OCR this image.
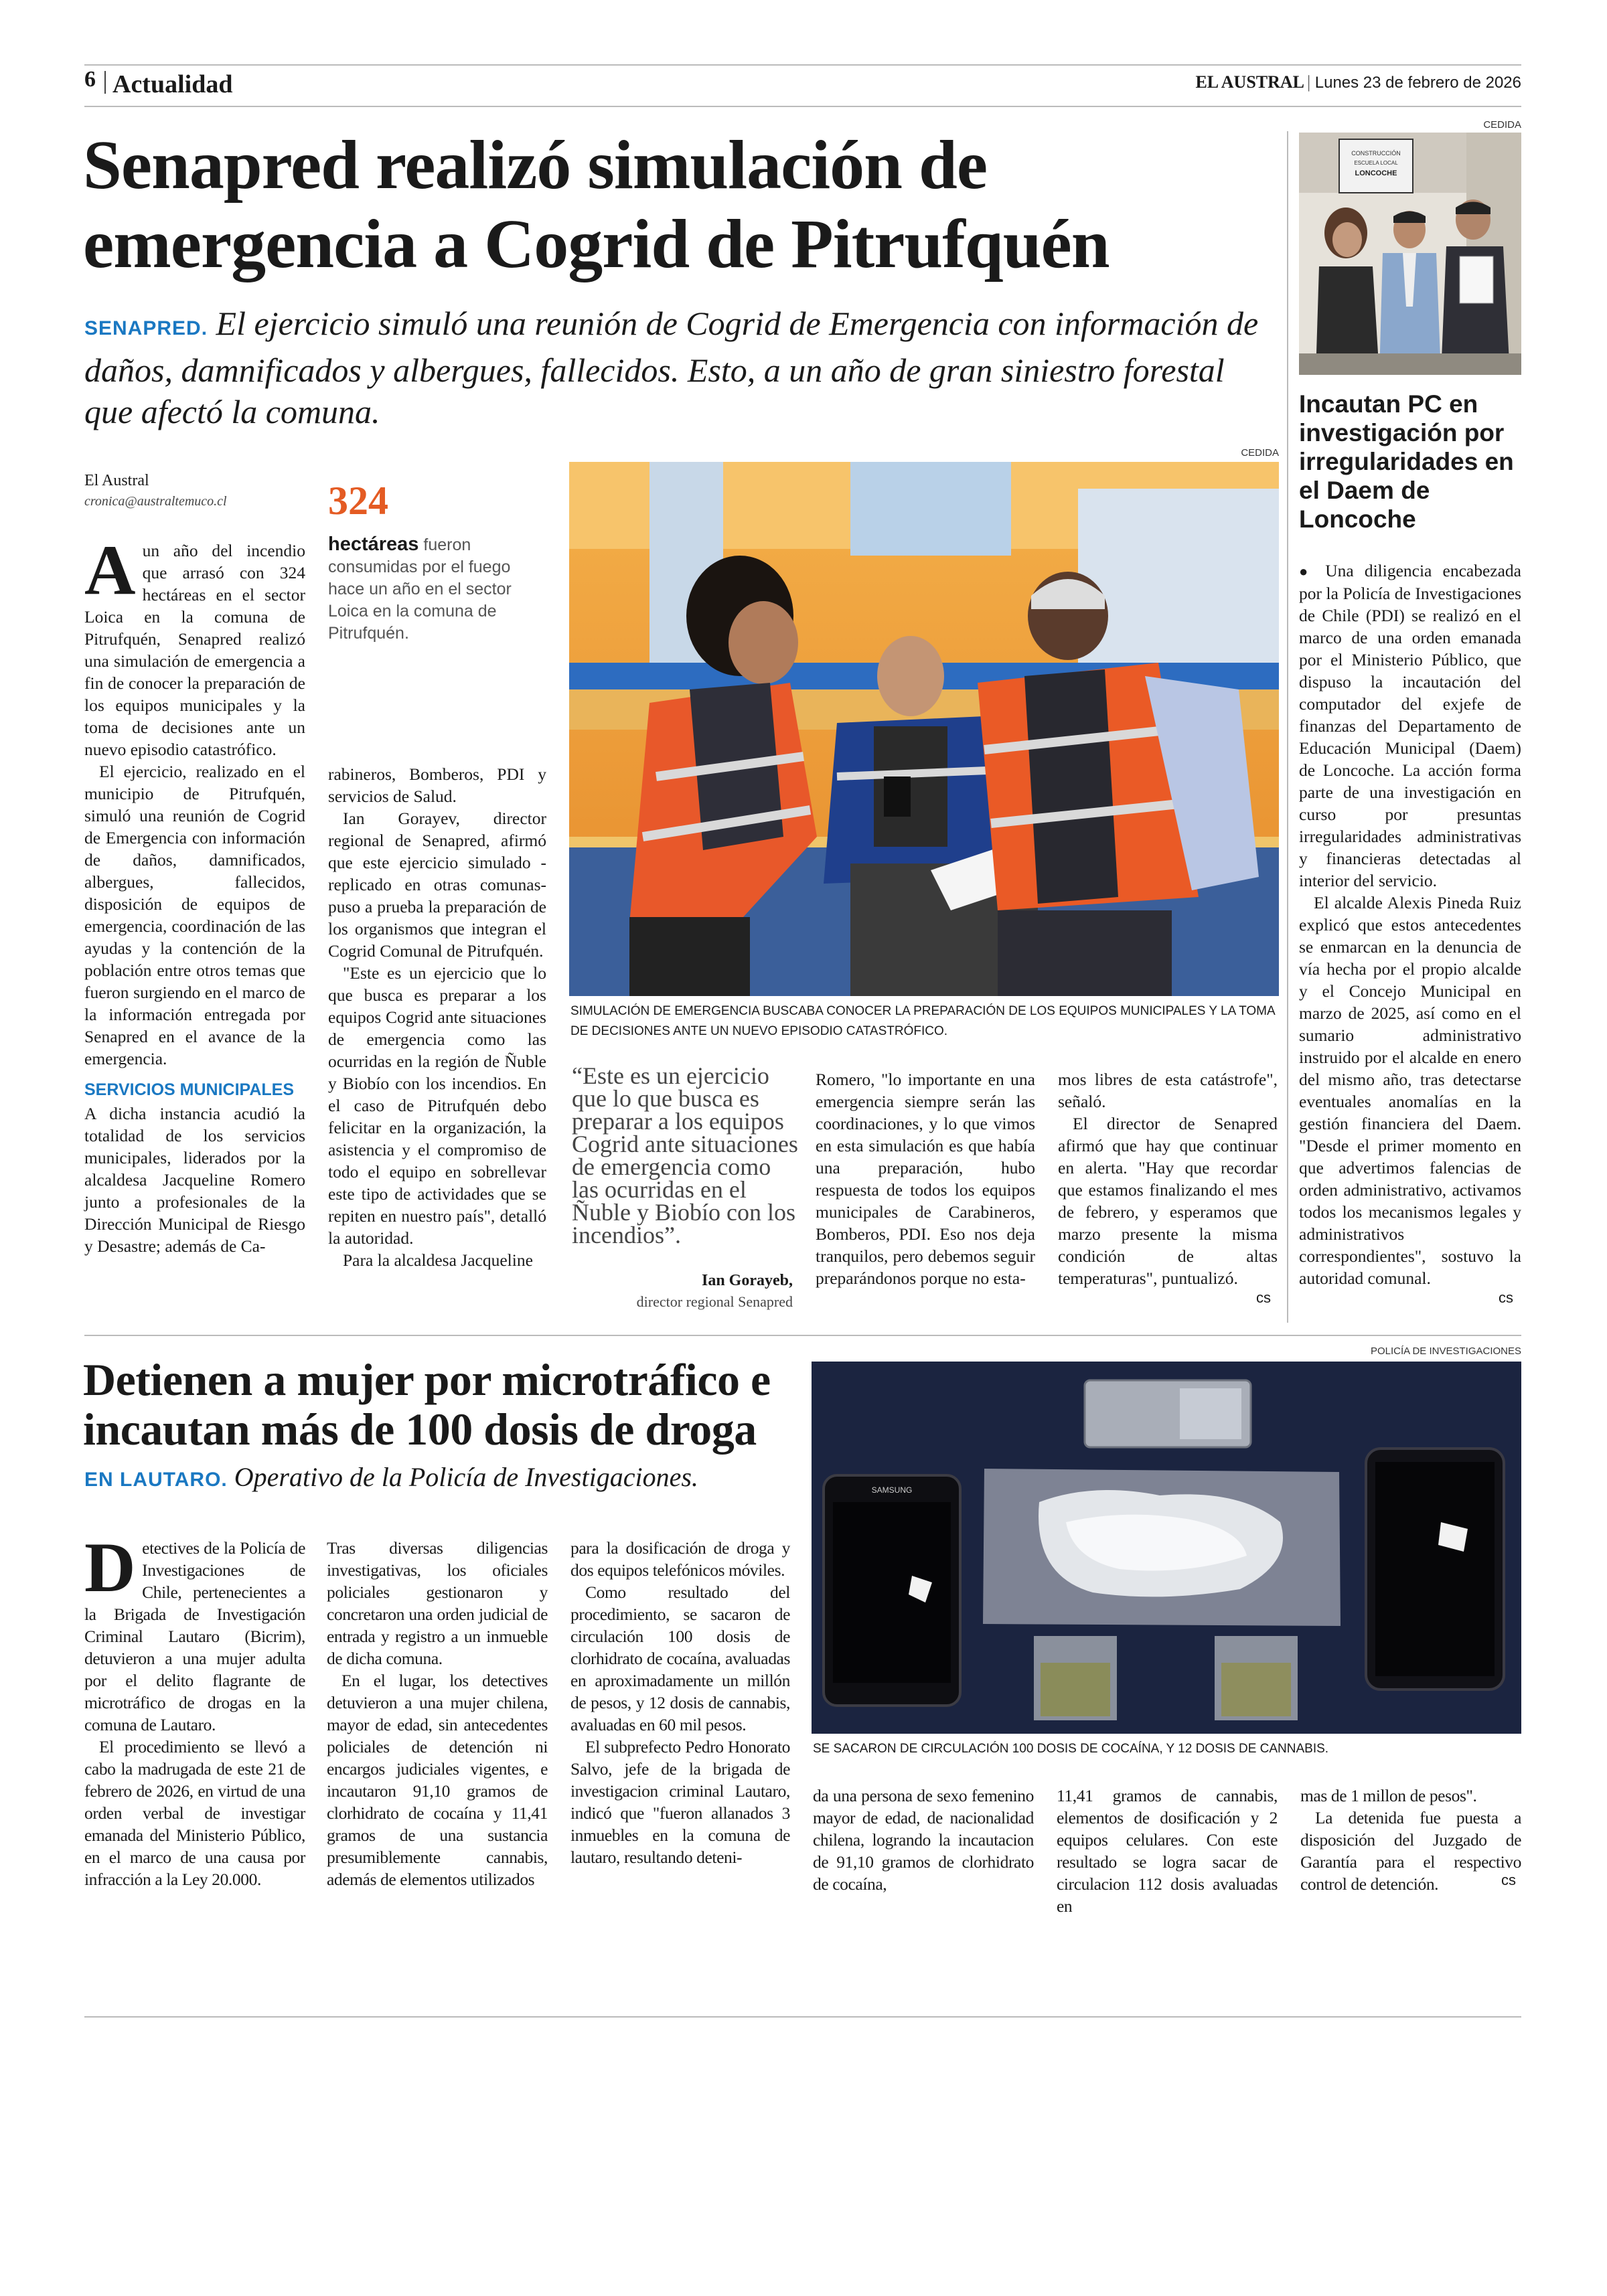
6 Actualidad	EL AUSTRAL | Lunes 23 de febrero de 2026
Senapred realizó simulación de
emergencia a Cogrid de Pitrufquén
SENAPRED. El ejercicio simuló una reunión de Cogrid de Emergencia con información de daños, damnificados y albergues, fallecidos. Esto, a un año de gran siniestro forestal que afectó la comuna.
El Austral
cronica@australtemuco.cl	324
hectáreas fueron consumidas por el fuego hace un año en el sector Loica en la comuna de Pitrufquén.

Aun año del incendio que arrasó con 324 hectáreas en el sector Loica en la comuna de Pitrufquén, Senapred realizó una simulación de emergencia a fin de conocer la preparación de los equipos municipales y la toma de decisiones ante un nuevo episodio catastrófico.

El ejercicio, realizado en el municipio de Pitrufquén, simuló una reunión de Cogrid de Emergencia con información de daños, damnificados, albergues, fallecidos, disposición de equipos de emergencia, coordinación de las ayudas y la contención de la población entre otros temas que fueron surgiendo en el marco de la información entregada por Senapred en el avance de la emergencia.

SERVICIOS MUNICIPALES

A dicha instancia acudió la totalidad de los servicios municipales, liderados por la alcaldesa Jacqueline Romero junto a profesionales de la Dirección Municipal de Riesgo y Desastre; además de Ca-

rabineros, Bomberos, PDI y servicios de Salud.

Ian Gorayev, director regional de Senapred, afirmó que este ejercicio simulado -replicado en otras comunas- puso a prueba la preparación de los organismos que integran el Cogrid Comunal de Pitrufquén.

"Este es un ejercicio que lo que busca es preparar a los equipos Cogrid ante situaciones de emergencia como las ocurridas en la región de Ñuble y Biobío con los incendios. En el caso de Pitrufquén debo felicitar en la organización, la asistencia y el compromiso de todo el equipo en sobrellevar este tipo de actividades que se repiten en nuestro país", detalló la autoridad.

Para la alcaldesa Jacqueline

CEDIDA
SIMULACIÓN DE EMERGENCIA BUSCABA CONOCER LA PREPARACIÓN DE LOS EQUIPOS MUNICIPALES Y LA TOMA DE DECISIONES ANTE UN NUEVO EPISODIO CATASTRÓFICO.
“Este es un ejercicio que lo que busca es preparar a los equipos Cogrid ante situaciones de emergencia como las ocurridas en el Ñuble y Biobío con los incendios”.
Ian Gorayeb,
director regional Senapred

Romero, "lo importante en una emergencia siempre serán las coordinaciones, y lo que vimos en esta simulación es que había una preparación, hubo respuesta de todos los equipos municipales de Carabineros, Bomberos, PDI. Eso nos deja tranquilos, pero debemos seguir preparándonos porque no esta-

mos libres de esta catástrofe", señaló.

El director de Senapred afirmó que hay que continuar en alerta. "Hay que recordar que estamos finalizando el mes de febrero, y esperamos que marzo presente la misma condición de altas temperaturas", puntualizó.

cs
CEDIDA
CONSTRUCCIÓN
ESCUELA LOCAL
LONCOCHE
Incautan PC en investigación por irregularidades en el Daem de Loncoche

● Una diligencia encabezada por la Policía de Investigaciones de Chile (PDI) se realizó en el marco de una orden emanada por el Ministerio Público, que dispuso la incautación del computador del exjefe de finanzas del Departamento de Educación Municipal (Daem) de Loncoche. La acción forma parte de una investigación en curso por presuntas irregularidades administrativas y financieras detectadas al interior del servicio.

El alcalde Alexis Pineda Ruiz explicó que estos antecedentes se enmarcan en la denuncia de vía hecha por el propio alcalde y el Concejo Municipal en marzo de 2025, así como en el sumario administrativo instruido por el alcalde en enero del mismo año, tras detectarse eventuales anomalías en la gestión financiera del Daem. "Desde el primer momento en que advertimos falencias de orden administrativo, activamos todos los mecanismos legales y administrativos correspondientes", sostuvo la autoridad comunal.

cs
Detienen a mujer por microtráfico e
incautan más de 100 dosis de droga
EN LAUTARO. Operativo de la Policía de Investigaciones.

Detectives de la Policía de Investigaciones de Chile, pertenecientes a la Brigada de Investigación Criminal Lautaro (Bicrim), detuvieron a una mujer adulta por el delito flagrante de microtráfico de drogas en la comuna de Lautaro.

El procedimiento se llevó a cabo la madrugada de este 21 de febrero de 2026, en virtud de una orden verbal de investigar emanada del Ministerio Público, en el marco de una causa por infracción a la Ley 20.000.

Tras diversas diligencias investigativas, los oficiales policiales gestionaron y concretaron una orden judicial de entrada y registro a un inmueble de dicha comuna.

En el lugar, los detectives detuvieron a una mujer chilena, mayor de edad, sin antecedentes policiales de detención ni encargos judiciales vigentes, e incautaron 91,10 gramos de clorhidrato de cocaína y 11,41 gramos de una sustancia presumiblemente cannabis, además de elementos utilizados

para la dosificación de droga y dos equipos telefónicos móviles.

Como resultado del procedimiento, se sacaron de circulación 100 dosis de clorhidrato de cocaína, avaluadas en aproximadamente un millón de pesos, y 12 dosis de cannabis, avaluadas en 60 mil pesos.

El subprefecto Pedro Honorato Salvo, jefe de la brigada de investigacion criminal Lautaro, indicó que "fueron allanados 3 inmuebles en la comuna de lautaro, resultando deteni-

POLICÍA DE INVESTIGACIONES
SAMSUNG
SE SACARON DE CIRCULACIÓN 100 DOSIS DE COCAÍNA, Y 12 DOSIS DE CANNABIS.

da una persona de sexo femenino mayor de edad, de nacionalidad chilena, logrando la incautacion de 91,10 gramos de clorhidrato de cocaína,

11,41 gramos de cannabis, elementos de dosificación y 2 equipos celulares. Con este resultado se logra sacar de circulacion 112 dosis avaluadas en

mas de 1 millon de pesos".

La detenida fue puesta a disposición del Juzgado de Garantía para el respectivo control de detención.	cs
